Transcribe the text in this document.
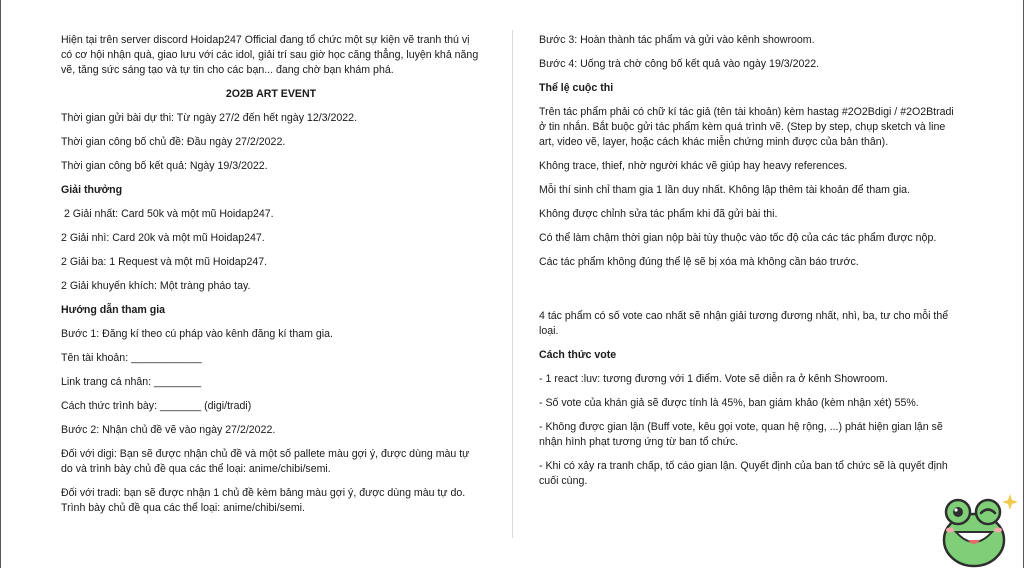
Hiện tại trên server discord Hoidap247 Official đang tổ chức một sự kiện vẽ tranh thú vị có cơ hội nhận quà, giao lưu với các idol, giải trí sau giờ học căng thẳng, luyện khả năng vẽ, tăng sức sáng tạo và tự tin cho các bạn... đang chờ bạn khám phá.

2O2B ART EVENT

Thời gian gửi bài dự thi: Từ ngày 27/2 đến hết ngày 12/3/2022.

Thời gian công bố chủ đề: Đầu ngày 27/2/2022.

Thời gian công bố kết quả: Ngày 19/3/2022.

Giải thưởng

2 Giải nhất: Card 50k và một mũ Hoidap247.

2 Giải nhì: Card 20k và một mũ Hoidap247.

2 Giải ba: 1 Request và một mũ Hoidap247.

2 Giải khuyến khích: Một tràng pháo tay.

Hướng dẫn tham gia

Bước 1: Đăng kí theo cú pháp vào kênh đăng kí tham gia.

Tên tài khoản: ____________

Link trang cá nhân: ________

Cách thức trình bày: _______ (digi/tradi)

Bước 2: Nhận chủ đề vẽ vào ngày 27/2/2022.

Đối với digi: Bạn sẽ được nhận chủ đề và một số pallete màu gợi ý, được dùng màu tự do và trình bày chủ đề qua các thể loại: anime/chibi/semi.

Đối với tradi: bạn sẽ được nhận 1 chủ đề kèm bảng màu gợi ý, được dùng màu tự do. Trình bày chủ đề qua các thể loại: anime/chibi/semi.

Bước 3: Hoàn thành tác phẩm và gửi vào kênh showroom.

Bước 4: Uống trà chờ công bố kết quả vào ngày 19/3/2022.

Thể lệ cuộc thi

Trên tác phẩm phải có chữ kí tác giả (tên tài khoản) kèm hastag #2O2Bdigi / #2O2Btradi ở tin nhắn. Bắt buộc gửi tác phẩm kèm quá trình vẽ. (Step by step, chụp sketch và line art, video vẽ, layer, hoặc cách khác miễn chứng minh được của bản thân).

Không trace, thief, nhờ người khác vẽ giúp hay heavy references.

Mỗi thí sinh chỉ tham gia 1 lần duy nhất. Không lập thêm tài khoản để tham gia.

Không được chỉnh sửa tác phẩm khi đã gửi bài thi.

Có thể làm chậm thời gian nộp bài tùy thuộc vào tốc độ của các tác phẩm được nộp.

Các tác phẩm không đúng thể lệ sẽ bị xóa mà không cần báo trước.

4 tác phẩm có số vote cao nhất sẽ nhận giải tương đương nhất, nhì, ba, tư cho mỗi thể loại.

Cách thức vote

- 1 react :luv: tương đương với 1 điểm. Vote sẽ diễn ra ở kênh Showroom.

- Số vote của khán giả sẽ được tính là 45%, ban giám khảo (kèm nhận xét) 55%.

- Không được gian lận (Buff vote, kêu gọi vote, quan hệ rộng, ...) phát hiện gian lận sẽ nhận hình phạt tương ứng từ ban tổ chức.

- Khi có xảy ra tranh chấp, tố cáo gian lận. Quyết định của ban tổ chức sẽ là quyết định cuối cùng.
